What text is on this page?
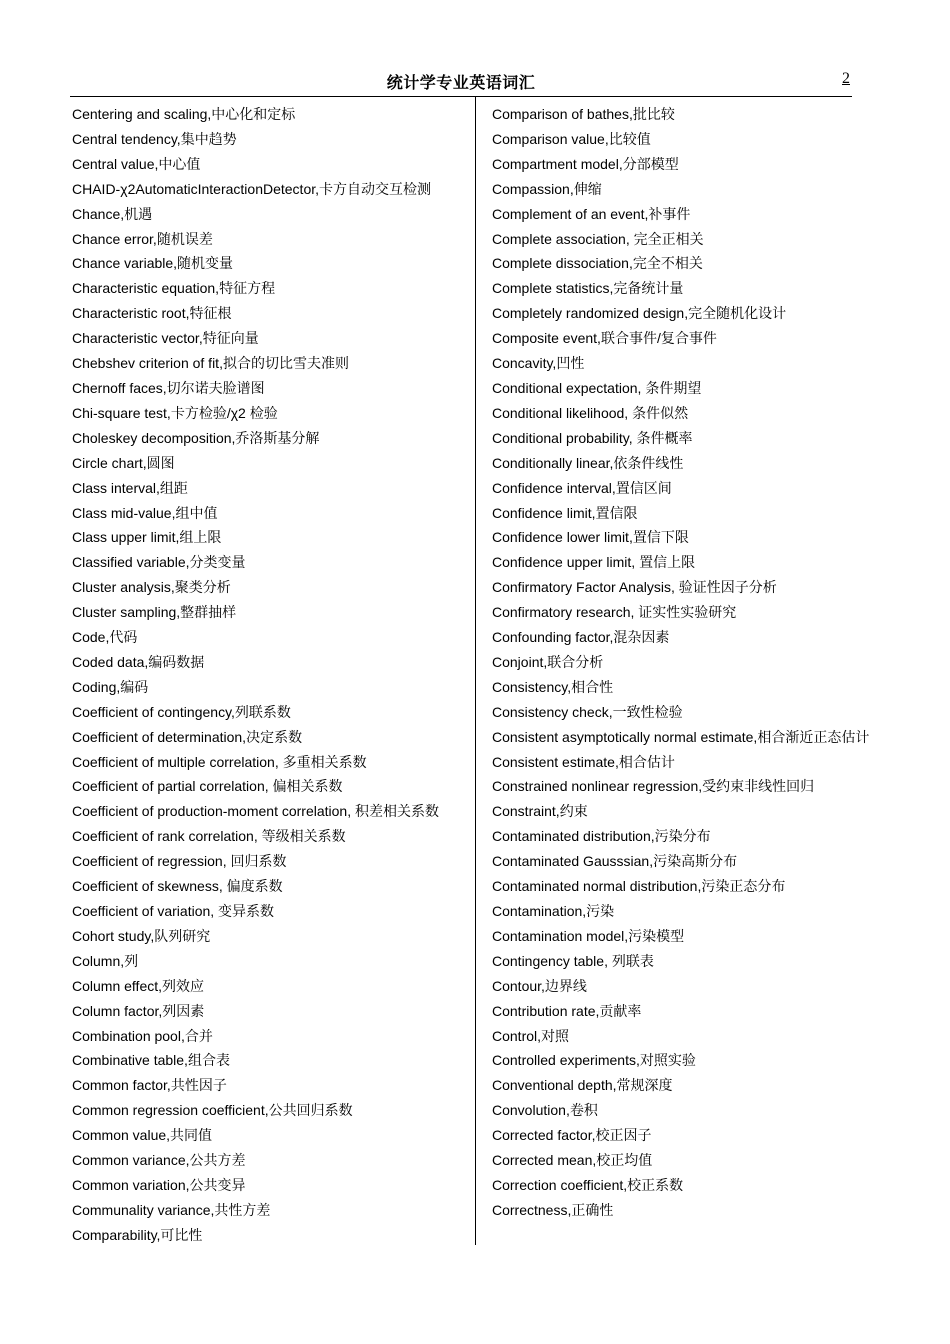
统计学专业英语词汇	2
Centering and scaling,中心化和定标
Central tendency,集中趋势
Central value,中心值
CHAID-χ2AutomaticInteractionDetector,卡方自动交互检测
Chance,机遇
Chance error,随机误差
Chance variable,随机变量
Characteristic equation,特征方程
Characteristic root,特征根
Characteristic vector,特征向量
Chebshev criterion of fit,拟合的切比雪夫准则
Chernoff faces,切尔诺夫脸谱图
Chi-square test,卡方检验/χ2 检验
Choleskey decomposition,乔洛斯基分解
Circle chart,圆图
Class interval,组距
Class mid-value,组中值
Class upper limit,组上限
Classified variable,分类变量
Cluster analysis,聚类分析
Cluster sampling,整群抽样
Code,代码
Coded data,编码数据
Coding,编码
Coefficient of contingency,列联系数
Coefficient of determination,决定系数
Coefficient of multiple correlation, 多重相关系数
Coefficient of partial correlation, 偏相关系数
Coefficient of production-moment correlation, 积差相关系数
Coefficient of rank correlation, 等级相关系数
Coefficient of regression, 回归系数
Coefficient of skewness, 偏度系数
Coefficient of variation, 变异系数
Cohort study,队列研究
Column,列
Column effect,列效应
Column factor,列因素
Combination pool,合并
Combinative table,组合表
Common factor,共性因子
Common regression coefficient,公共回归系数
Common value,共同值
Common variance,公共方差
Common variation,公共变异
Communality variance,共性方差
Comparability,可比性
Comparison of bathes,批比较
Comparison value,比较值
Compartment model,分部模型
Compassion,伸缩
Complement of an event,补事件
Complete association, 完全正相关
Complete dissociation,完全不相关
Complete statistics,完备统计量
Completely randomized design,完全随机化设计
Composite event,联合事件/复合事件
Concavity,凹性
Conditional expectation, 条件期望
Conditional likelihood, 条件似然
Conditional probability, 条件概率
Conditionally linear,依条件线性
Confidence interval,置信区间
Confidence limit,置信限
Confidence lower limit,置信下限
Confidence upper limit, 置信上限
Confirmatory Factor Analysis, 验证性因子分析
Confirmatory research, 证实性实验研究
Confounding factor,混杂因素
Conjoint,联合分析
Consistency,相合性
Consistency check,一致性检验
Consistent asymptotically normal estimate,相合渐近正态估计
Consistent estimate,相合估计
Constrained nonlinear regression,受约束非线性回归
Constraint,约束
Contaminated distribution,污染分布
Contaminated Gausssian,污染高斯分布
Contaminated normal distribution,污染正态分布
Contamination,污染
Contamination model,污染模型
Contingency table, 列联表
Contour,边界线
Contribution rate,贡献率
Control,对照
Controlled experiments,对照实验
Conventional depth,常规深度
Convolution,卷积
Corrected factor,校正因子
Corrected mean,校正均值
Correction coefficient,校正系数
Correctness,正确性
